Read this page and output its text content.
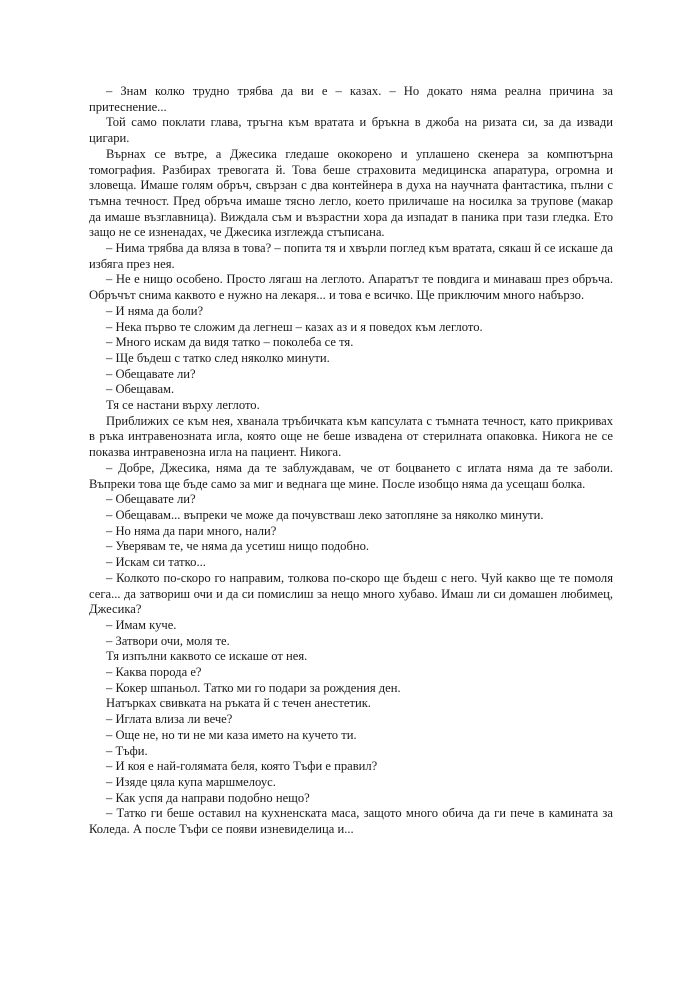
– Знам колко трудно трябва да ви е – казах. – Но докато няма реална причина за притеснение...

Той само поклати глава, тръгна към вратата и бръкна в джоба на ризата си, за да извади цигари.

Върнах се вътре, а Джесика гледаше ококорено и уплашено скенера за компютърна томография. Разбирах тревогата й. Това беше страховита медицинска апаратура, огромна и зловеща. Имаше голям обръч, свързан с два контейнера в духа на научната фантастика, пълни с тъмна течност. Пред обръча имаше тясно легло, което приличаше на носилка за трупове (макар да имаше възглавница). Виждала съм и възрастни хора да изпадат в паника при тази гледка. Ето защо не се изненадах, че Джесика изглежда стъписана.

– Нима трябва да вляза в това? – попита тя и хвърли поглед към вратата, сякаш й се искаше да избяга през нея.

– Не е нищо особено. Просто лягаш на леглото. Апаратът те повдига и минаваш през обръча. Обръчът снима каквото е нужно на лекаря... и това е всичко. Ще приключим много набързо.

– И няма да боли?

– Нека първо те сложим да легнеш – казах аз и я поведох към леглото.

– Много искам да видя татко – поколеба се тя.

– Ще бъдеш с татко след няколко минути.

– Обещавате ли?

– Обещавам.

Тя се настани върху леглото.

Приближих се към нея, хванала тръбичката към капсулата с тъмната течност, като прикривах в ръка интравенозната игла, която още не беше извадена от стерилната опаковка. Никога не се показва интравенозна игла на пациент. Никога.

– Добре, Джесика, няма да те заблуждавам, че от боцването с иглата няма да те заболи. Въпреки това ще бъде само за миг и веднага ще мине. После изобщо няма да усещаш болка.

– Обещавате ли?

– Обещавам... въпреки че може да почувстваш леко затопляне за няколко минути.

– Но няма да пари много, нали?

– Уверявам те, че няма да усетиш нищо подобно.

– Искам си татко...

– Колкото по-скоро го направим, толкова по-скоро ще бъдеш с него. Чуй какво ще те помоля сега... да затвориш очи и да си помислиш за нещо много хубаво. Имаш ли си домашен любимец, Джесика?

– Имам куче.

– Затвори очи, моля те.

Тя изпълни каквото се искаше от нея.

– Каква порода е?

– Кокер шпаньол. Татко ми го подари за рождения ден.

Натърках свивката на ръката й с течен анестетик.

– Иглата влиза ли вече?

– Още не, но ти не ми каза името на кучето ти.

– Тъфи.

– И коя е най-голямата беля, която Тъфи е правил?

– Изяде цяла купа маршмелоус.

– Как успя да направи подобно нещо?

– Татко ги беше оставил на кухненската маса, защото много обича да ги пече в камината за Коледа. А после Тъфи се появи изневиделица и...
